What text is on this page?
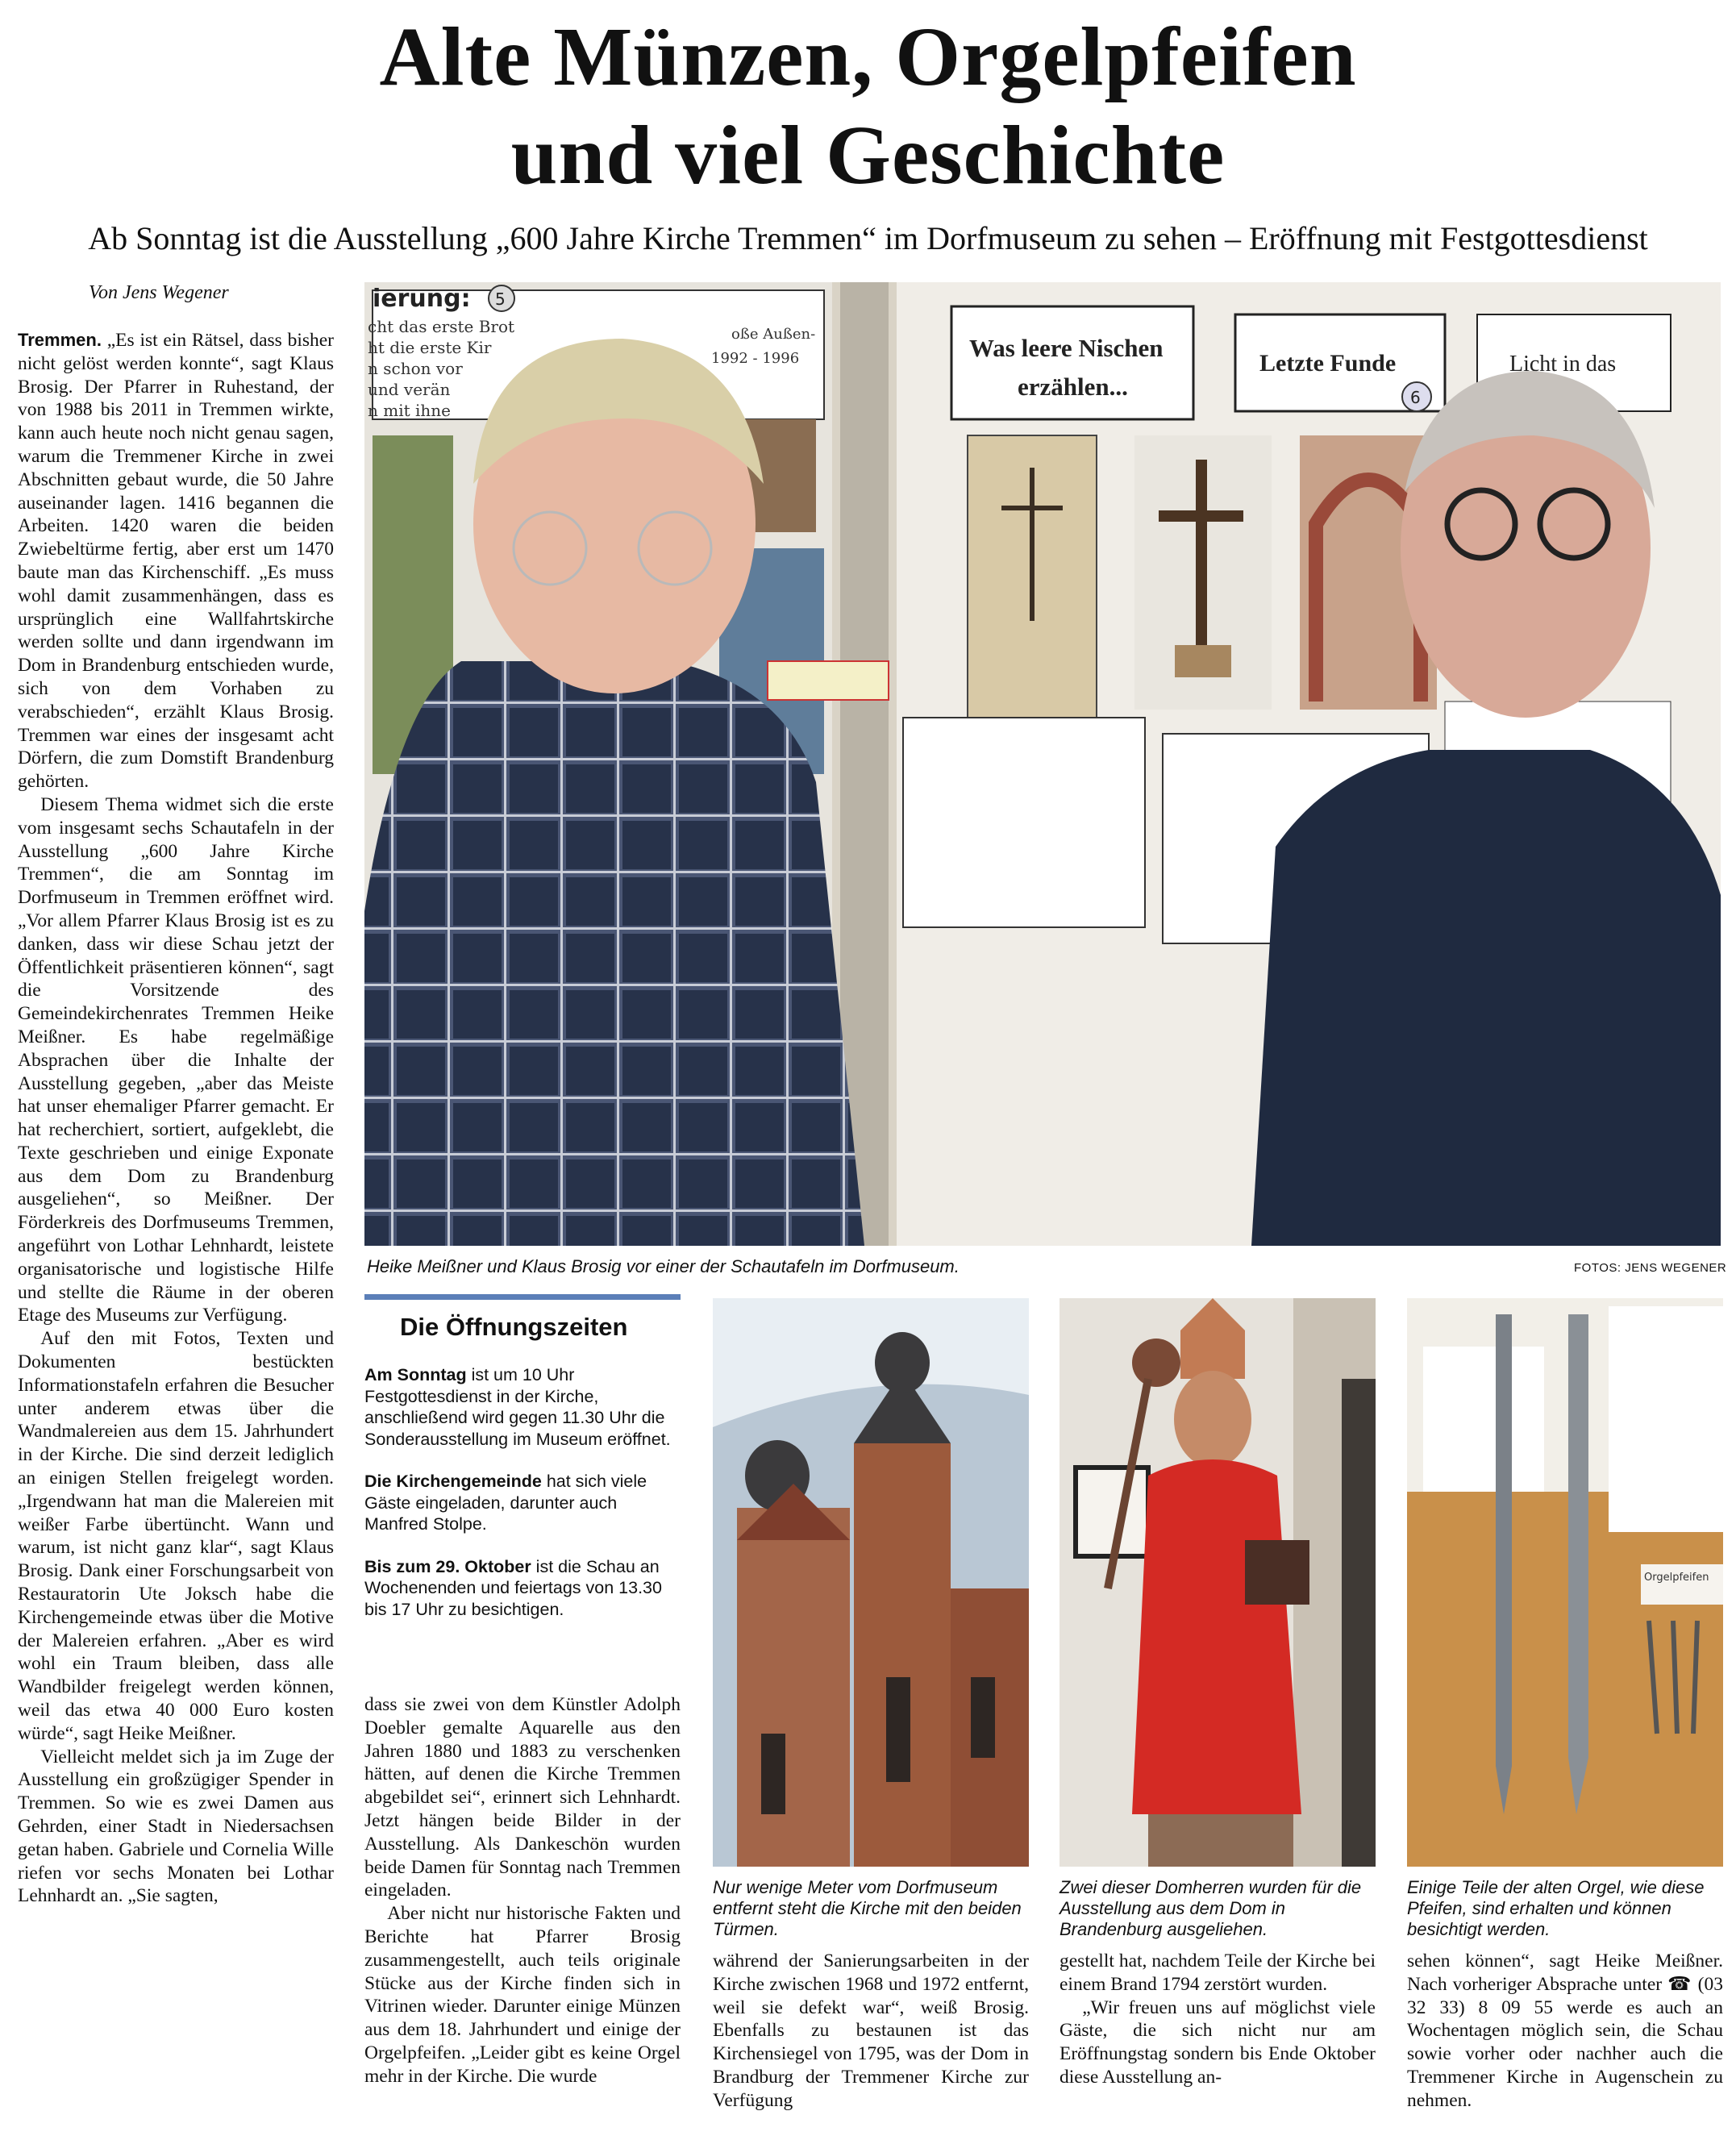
Alte Münzen, Orgelpfeifen
und viel Geschichte
Ab Sonntag ist die Ausstellung „600 Jahre Kirche Tremmen“ im Dorfmuseum zu sehen – Eröffnung mit Festgottesdienst
Von Jens Wegener

Tremmen. „Es ist ein Rätsel, dass bisher nicht gelöst werden konnte“, sagt Klaus Brosig. Der Pfarrer in Ruhestand, der von 1988 bis 2011 in Tremmen wirkte, kann auch heute noch nicht genau sagen, warum die Tremmener Kirche in zwei Abschnitten gebaut wurde, die 50 Jahre auseinander lagen. 1416 begannen die Arbeiten. 1420 waren die beiden Zwiebeltürme fertig, aber erst um 1470 baute man das Kirchenschiff. „Es muss wohl damit zusammenhängen, dass es ursprünglich eine Wallfahrtskirche werden sollte und dann irgendwann im Dom in Brandenburg entschieden wurde, sich von dem Vorhaben zu verabschieden“, erzählt Klaus Brosig. Tremmen war eines der insgesamt acht Dörfern, die zum Domstift Brandenburg gehörten.

Diesem Thema widmet sich die erste vom insgesamt sechs Schautafeln in der Ausstellung „600 Jahre Kirche Tremmen“, die am Sonntag im Dorfmuseum in Tremmen eröffnet wird. „Vor allem Pfarrer Klaus Brosig ist es zu danken, dass wir diese Schau jetzt der Öffentlichkeit präsentieren können“, sagt die Vorsitzende des Gemeindekirchenrates Tremmen Heike Meißner. Es habe regelmäßige Absprachen über die Inhalte der Ausstellung gegeben, „aber das Meiste hat unser ehemaliger Pfarrer gemacht. Er hat recherchiert, sortiert, aufgeklebt, die Texte geschrieben und einige Exponate aus dem Dom zu Brandenburg ausgeliehen“, so Meißner. Der Förderkreis des Dorfmuseums Tremmen, angeführt von Lothar Lehnhardt, leistete organisatorische und logistische Hilfe und stellte die Räume in der oberen Etage des Museums zur Verfügung.

Auf den mit Fotos, Texten und Dokumenten bestückten Informationstafeln erfahren die Besucher unter anderem etwas über die Wandmalereien aus dem 15. Jahrhundert in der Kirche. Die sind derzeit lediglich an einigen Stellen freigelegt worden. „Irgendwann hat man die Malereien mit weißer Farbe übertüncht. Wann und warum, ist nicht ganz klar“, sagt Klaus Brosig. Dank einer Forschungsarbeit von Restauratorin Ute Joksch habe die Kirchengemeinde etwas über die Motive der Malereien erfahren. „Aber es wird wohl ein Traum bleiben, dass alle Wandbilder freigelegt werden können, weil das etwa 40 000 Euro kosten würde“, sagt Heike Meißner.

Vielleicht meldet sich ja im Zuge der Ausstellung ein großzügiger Spender in Tremmen. So wie es zwei Damen aus Gehrden, einer Stadt in Niedersachsen getan haben. Gabriele und Cornelia Wille riefen vor sechs Monaten bei Lothar Lehnhardt an. „Sie sagten,

ierung: 5
cht das erste Brot
ht die erste Kir
n schon vor
und verän
n mit ihne
oße Außen-
1992 - 1996	Was leere Nischen
erzählen...
Letzte Funde
6
Licht in das
Heike Meißner und Klaus Brosig vor einer der Schautafeln im Dorfmuseum.	FOTOS: JENS WEGENER
Die Öffnungszeiten

Am Sonntag ist um 10 Uhr Festgottesdienst in der Kirche, anschließend wird gegen 11.30 Uhr die Sonderausstellung im Museum eröffnet.

Die Kirchengemeinde hat sich viele Gäste eingeladen, darunter auch Manfred Stolpe.

Bis zum 29. Oktober ist die Schau an Wochenenden und feiertags von 13.30 bis 17 Uhr zu besichtigen.

dass sie zwei von dem Künstler Adolph Doebler gemalte Aquarelle aus den Jahren 1880 und 1883 zu verschenken hätten, auf denen die Kirche Tremmen abgebildet sei“, erinnert sich Lehnhardt. Jetzt hängen beide Bilder in der Ausstellung. Als Dankeschön wurden beide Damen für Sonntag nach Tremmen eingeladen.

Aber nicht nur historische Fakten und Berichte hat Pfarrer Brosig zusammengestellt, auch teils originale Stücke aus der Kirche finden sich in Vitrinen wieder. Darunter einige Münzen aus dem 18. Jahrhundert und einige der Orgelpfeifen. „Leider gibt es keine Orgel mehr in der Kirche. Die wurde

Nur wenige Meter vom Dorfmuseum entfernt steht die Kirche mit den beiden Türmen.
Zwei dieser Domherren wurden für die Ausstellung aus dem Dom in Brandenburg ausgeliehen.
Orgelpfeifen
Einige Teile der alten Orgel, wie diese Pfeifen, sind erhalten und können besichtigt werden.
während der Sanierungsarbeiten in der Kirche zwischen 1968 und 1972 entfernt, weil sie defekt war“, weiß Brosig. Ebenfalls zu bestaunen ist das Kirchensiegel von 1795, was der Dom in Brandburg der Tremmener Kirche zur Verfügung

gestellt hat, nachdem Teile der Kirche bei einem Brand 1794 zerstört wurden.

„Wir freuen uns auf möglichst viele Gäste, die sich nicht nur am Eröffnungstag sondern bis Ende Oktober diese Ausstellung an-

sehen können“, sagt Heike Meißner. Nach vorheriger Absprache unter ☎ (03 32 33) 8 09 55 werde es auch an Wochentagen möglich sein, die Schau sowie vorher oder nachher auch die Tremmener Kirche in Augenschein zu nehmen.
